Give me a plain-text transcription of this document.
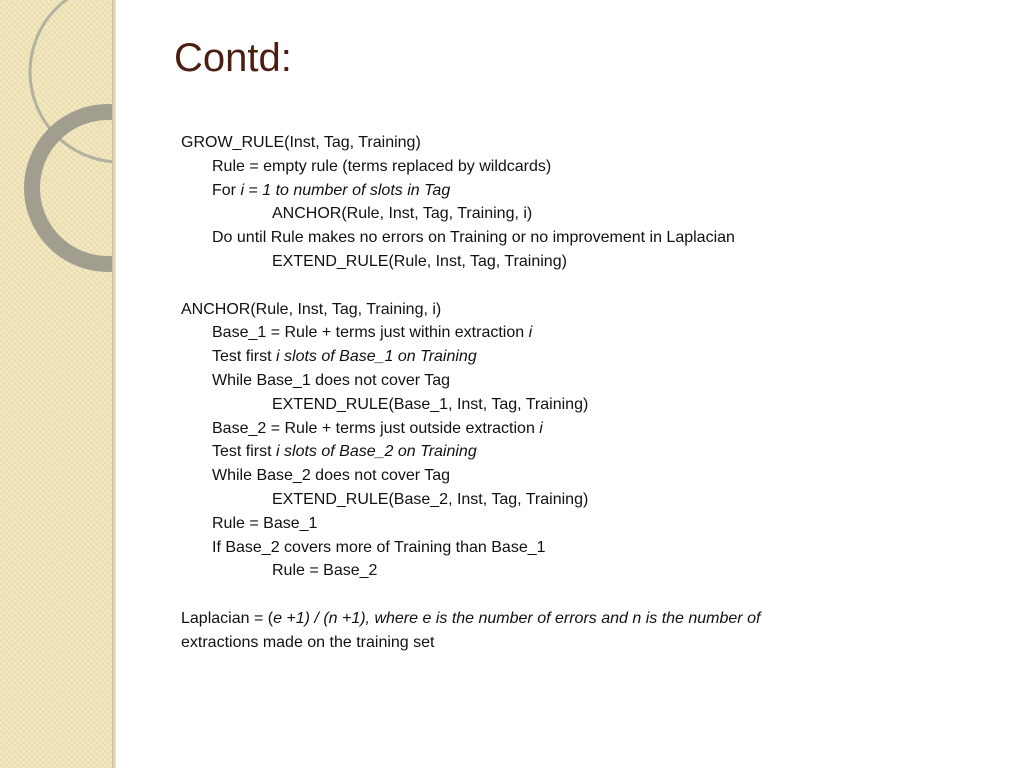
Contd:
GROW_RULE(Inst, Tag, Training)
Rule = empty rule (terms replaced by wildcards)
For i = 1 to number of slots in Tag
ANCHOR(Rule, Inst, Tag, Training, i)
Do until Rule makes no errors on Training or no improvement in Laplacian
EXTEND_RULE(Rule, Inst, Tag, Training)
ANCHOR(Rule, Inst, Tag, Training, i)
Base_1 = Rule + terms just within extraction i
Test first i slots of Base_1 on Training
While Base_1 does not cover Tag
EXTEND_RULE(Base_1, Inst, Tag, Training)
Base_2 = Rule + terms just outside extraction i
Test first i slots of Base_2 on Training
While Base_2 does not cover Tag
EXTEND_RULE(Base_2, Inst, Tag, Training)
Rule = Base_1
If Base_2 covers more of Training than Base_1
Rule = Base_2
Laplacian = (e +1) / (n +1), where e is the number of errors and n is the number of
extractions made on the training set
